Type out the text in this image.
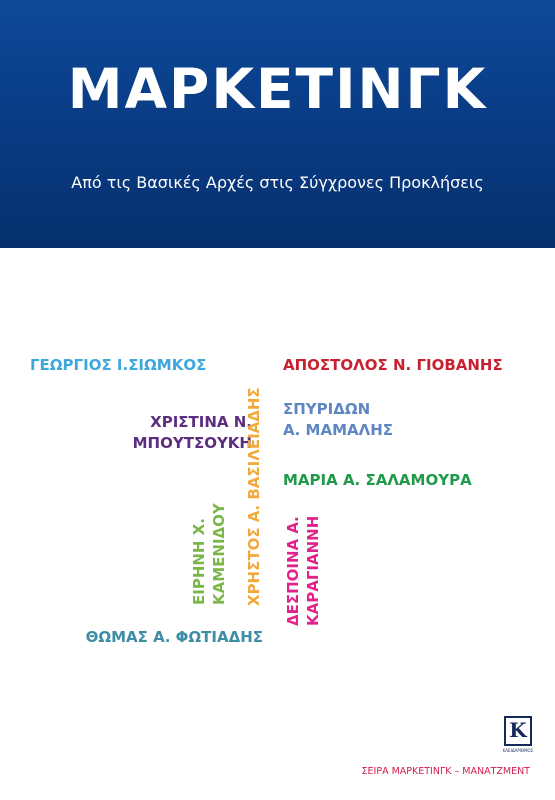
ΜΑΡΚΕΤΙΝΓΚ
Από τις Βασικές Αρχές στις Σύγχρονες Προκλήσεις
ΓΕΩΡΓΙΟΣ Ι.ΣΙΩΜΚΟΣ
ΧΡΙΣΤΙΝΑ Ν.
ΜΠΟΥΤΣΟΥΚΗ
ΕΙΡΗΝΗ Χ. ΚΑΜΕΝΙΔΟΥ ΧΡΗΣΤΟΣ Α. ΒΑΣΙΛΕΙΑΔΗΣ ΔΕΣΠΟΙΝΑ Α. ΚΑΡΑΓΙΑΝΝΗ
ΑΠΟΣΤΟΛΟΣ Ν. ΓΙΟΒΑΝΗΣ
ΣΠΥΡΙΔΩΝ
Α. ΜΑΜΑΛΗΣ
ΜΑΡΙΑ Α. ΣΑΛΑΜΟΥΡΑ
ΘΩΜΑΣ Α. ΦΩΤΙΑΔΗΣ
K
ΚΛΕΙΔΑΡΙΘΜΟΣ
ΣΕΙΡΑ ΜΑΡΚΕΤΙΝΓΚ – ΜΑΝΑΤΖΜΕΝΤ
